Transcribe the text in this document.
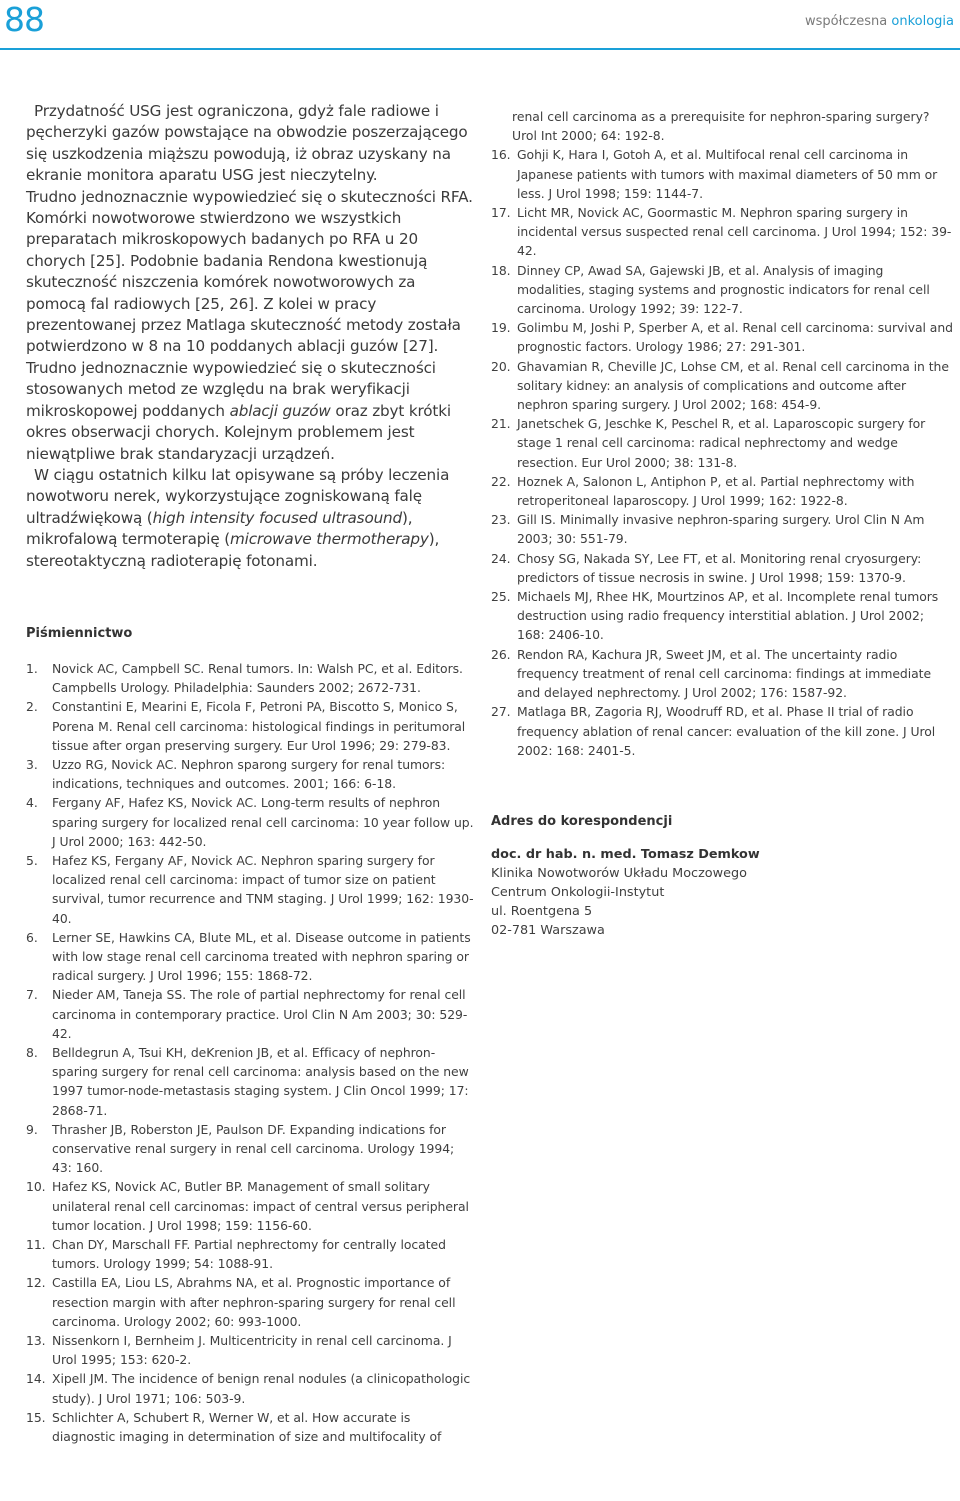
88	współczesna onkologia

Przydatność USG jest ograniczona, gdyż fale radiowe i pęcherzyki gazów powstające na obwodzie poszerzającego się uszkodzenia miąższu powodują, iż obraz uzyskany na ekranie monitora aparatu USG jest nieczytelny.

Trudno jednoznacznie wypowiedzieć się o skuteczności RFA. Komórki nowotworowe stwierdzono we wszystkich preparatach mikroskopowych badanych po RFA u 20 chorych [25]. Podobnie badania Rendona kwestionują skuteczność niszczenia komórek nowotworowych za pomocą fal radiowych [25, 26]. Z kolei w pracy prezentowanej przez Matlaga skuteczność metody została potwierdzono w 8 na 10 poddanych ablacji guzów [27].

Trudno jednoznacznie wypowiedzieć się o skuteczności stosowanych metod ze względu na brak weryfikacji mikroskopowej poddanych ablacji guzów oraz zbyt krótki okres obserwacji chorych. Kolejnym problemem jest niewątpliwe brak standaryzacji urządzeń.

W ciągu ostatnich kilku lat opisywane są próby leczenia nowotworu nerek, wykorzystujące zogniskowaną falę ultradźwiękową (high intensity focused ultrasound), mikrofalową termoterapię (microwave thermotherapy), stereotaktyczną radioterapię fotonami.

Piśmiennictwo

1. Novick AC, Campbell SC. Renal tumors. In: Walsh PC, et al. Editors. Campbells Urology. Philadelphia: Saunders 2002; 2672-731.
2. Constantini E, Mearini E, Ficola F, Petroni PA, Biscotto S, Monico S, Porena M. Renal cell carcinoma: histological findings in peritumoral tissue after organ preserving surgery. Eur Urol 1996; 29: 279-83.
3. Uzzo RG, Novick AC. Nephron sparong surgery for renal tumors: indications, techniques and outcomes. 2001; 166: 6-18.
4. Fergany AF, Hafez KS, Novick AC. Long-term results of nephron sparing surgery for localized renal cell carcinoma: 10 year follow up. J Urol 2000; 163: 442-50.
5. Hafez KS, Fergany AF, Novick AC. Nephron sparing surgery for localized renal cell carcinoma: impact of tumor size on patient survival, tumor recurrence and TNM staging. J Urol 1999; 162: 1930-40.
6. Lerner SE, Hawkins CA, Blute ML, et al. Disease outcome in patients with low stage renal cell carcinoma treated with nephron sparing or radical surgery. J Urol 1996; 155: 1868-72.
7. Nieder AM, Taneja SS. The role of partial nephrectomy for renal cell carcinoma in contemporary practice. Urol Clin N Am 2003; 30: 529-42.
8. Belldegrun A, Tsui KH, deKrenion JB, et al. Efficacy of nephron-sparing surgery for renal cell carcinoma: analysis based on the new 1997 tumor-node-metastasis staging system. J Clin Oncol 1999; 17: 2868-71.
9. Thrasher JB, Roberston JE, Paulson DF. Expanding indications for conservative renal surgery in renal cell carcinoma. Urology 1994; 43: 160.
10. Hafez KS, Novick AC, Butler BP. Management of small solitary unilateral renal cell carcinomas: impact of central versus peripheral tumor location. J Urol 1998; 159: 1156-60.
11. Chan DY, Marschall FF. Partial nephrectomy for centrally located tumors. Urology 1999; 54: 1088-91.
12. Castilla EA, Liou LS, Abrahms NA, et al. Prognostic importance of resection margin with after nephron-sparing surgery for renal cell carcinoma. Urology 2002; 60: 993-1000.
13. Nissenkorn I, Bernheim J. Multicentricity in renal cell carcinoma. J Urol 1995; 153: 620-2.
14. Xipell JM. The incidence of benign renal nodules (a clinicopathologic study). J Urol 1971; 106: 503-9.
15. Schlichter A, Schubert R, Werner W, et al. How accurate is diagnostic imaging in determination of size and multifocality of
renal cell carcinoma as a prerequisite for nephron-sparing surgery? Urol Int 2000; 64: 192-8.
16. Gohji K, Hara I, Gotoh A, et al. Multifocal renal cell carcinoma in Japanese patients with tumors with maximal diameters of 50 mm or less. J Urol 1998; 159: 1144-7.
17. Licht MR, Novick AC, Goormastic M. Nephron sparing surgery in incidental versus suspected renal cell carcinoma. J Urol 1994; 152: 39-42.
18. Dinney CP, Awad SA, Gajewski JB, et al. Analysis of imaging modalities, staging systems and prognostic indicators for renal cell carcinoma. Urology 1992; 39: 122-7.
19. Golimbu M, Joshi P, Sperber A, et al. Renal cell carcinoma: survival and prognostic factors. Urology 1986; 27: 291-301.
20. Ghavamian R, Cheville JC, Lohse CM, et al. Renal cell carcinoma in the solitary kidney: an analysis of complications and outcome after nephron sparing surgery. J Urol 2002; 168: 454-9.
21. Janetschek G, Jeschke K, Peschel R, et al. Laparoscopic surgery for stage 1 renal cell carcinoma: radical nephrectomy and wedge resection. Eur Urol 2000; 38: 131-8.
22. Hoznek A, Salonon L, Antiphon P, et al. Partial nephrectomy with retroperitoneal laparoscopy. J Urol 1999; 162: 1922-8.
23. Gill IS. Minimally invasive nephron-sparing surgery. Urol Clin N Am 2003; 30: 551-79.
24. Chosy SG, Nakada SY, Lee FT, et al. Monitoring renal cryosurgery: predictors of tissue necrosis in swine. J Urol 1998; 159: 1370-9.
25. Michaels MJ, Rhee HK, Mourtzinos AP, et al. Incomplete renal tumors destruction using radio frequency interstitial ablation. J Urol 2002; 168: 2406-10.
26. Rendon RA, Kachura JR, Sweet JM, et al. The uncertainty radio frequency treatment of renal cell carcinoma: findings at immediate and delayed nephrectomy. J Urol 2002; 176: 1587-92.
27. Matlaga BR, Zagoria RJ, Woodruff RD, et al. Phase II trial of radio frequency ablation of renal cancer: evaluation of the kill zone. J Urol 2002: 168: 2401-5.

Adres do korespondencji

doc. dr hab. n. med. Tomasz Demkow

Klinika Nowotworów Układu Moczowego

Centrum Onkologii-Instytut

ul. Roentgena 5

02-781 Warszawa
